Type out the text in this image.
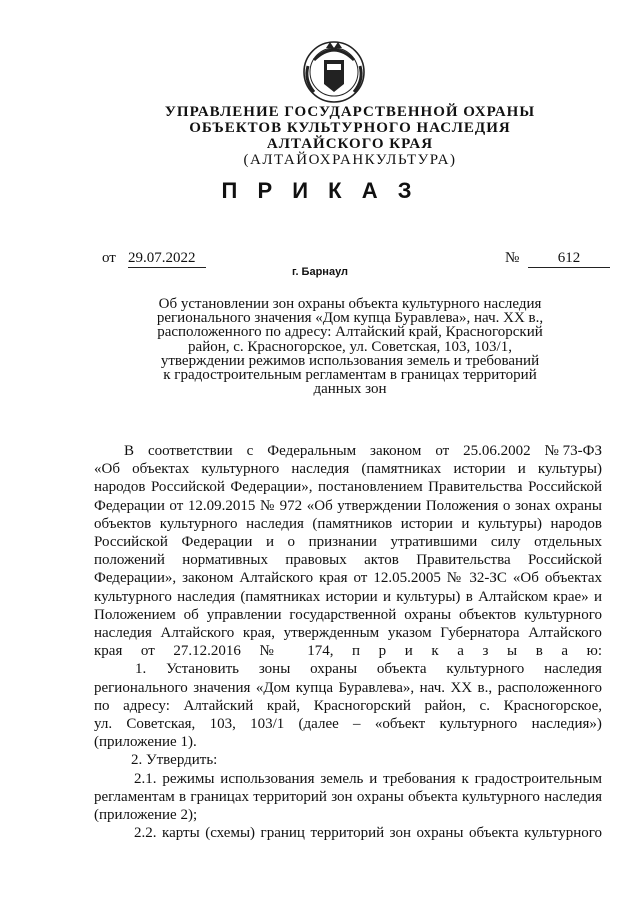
УПРАВЛЕНИЕ ГОСУДАРСТВЕННОЙ ОХРАНЫ
ОБЪЕКТОВ КУЛЬТУРНОГО НАСЛЕДИЯ
АЛТАЙСКОГО КРАЯ
(АЛТАЙОХРАНКУЛЬТУРА)
П Р И К А З
от 29.07.2022	№	612
г. Барнаул
Об установлении зон охраны объекта культурного наследия
регионального значения «Дом купца Буравлева», нач. XX в.,
расположенного по адресу: Алтайский край, Красногорский
район, с. Красногорское, ул. Советская, 103, 103/1,
утверждении режимов использования земель и требований
к градостроительным регламентам в границах территорий
данных зон
В соответствии с Федеральным законом от 25.06.2002 № 73-ФЗ
«Об объектах культурного наследия (памятниках истории и культуры)
народов Российской Федерации», постановлением Правительства Российской
Федерации от 12.09.2015 № 972 «Об утверждении Положения о зонах охраны
объектов культурного наследия (памятников истории и культуры) народов
Российской Федерации и о признании утратившими силу отдельных
положений нормативных правовых актов Правительства Российской
Федерации», законом Алтайского края от 12.05.2005 № 32-ЗС «Об объектах
культурного наследия (памятниках истории и культуры) в Алтайском крае» и
Положением об управлении государственной охраны объектов культурного
наследия Алтайского края, утвержденным указом Губернатора Алтайского
края от 27.12.2016 № 174, п р и к а з ы в а ю:
1. Установить зоны охраны объекта культурного наследия
регионального значения «Дом купца Буравлева», нач. XX в., расположенного
по адресу: Алтайский край, Красногорский район, с. Красногорское,
ул. Советская, 103, 103/1 (далее – «объект культурного наследия»)
(приложение 1).
2. Утвердить:
2.1. режимы использования земель и требования к градостроительным
регламентам в границах территорий зон охраны объекта культурного наследия
(приложение 2);
2.2. карты (схемы) границ территорий зон охраны объекта культурного
